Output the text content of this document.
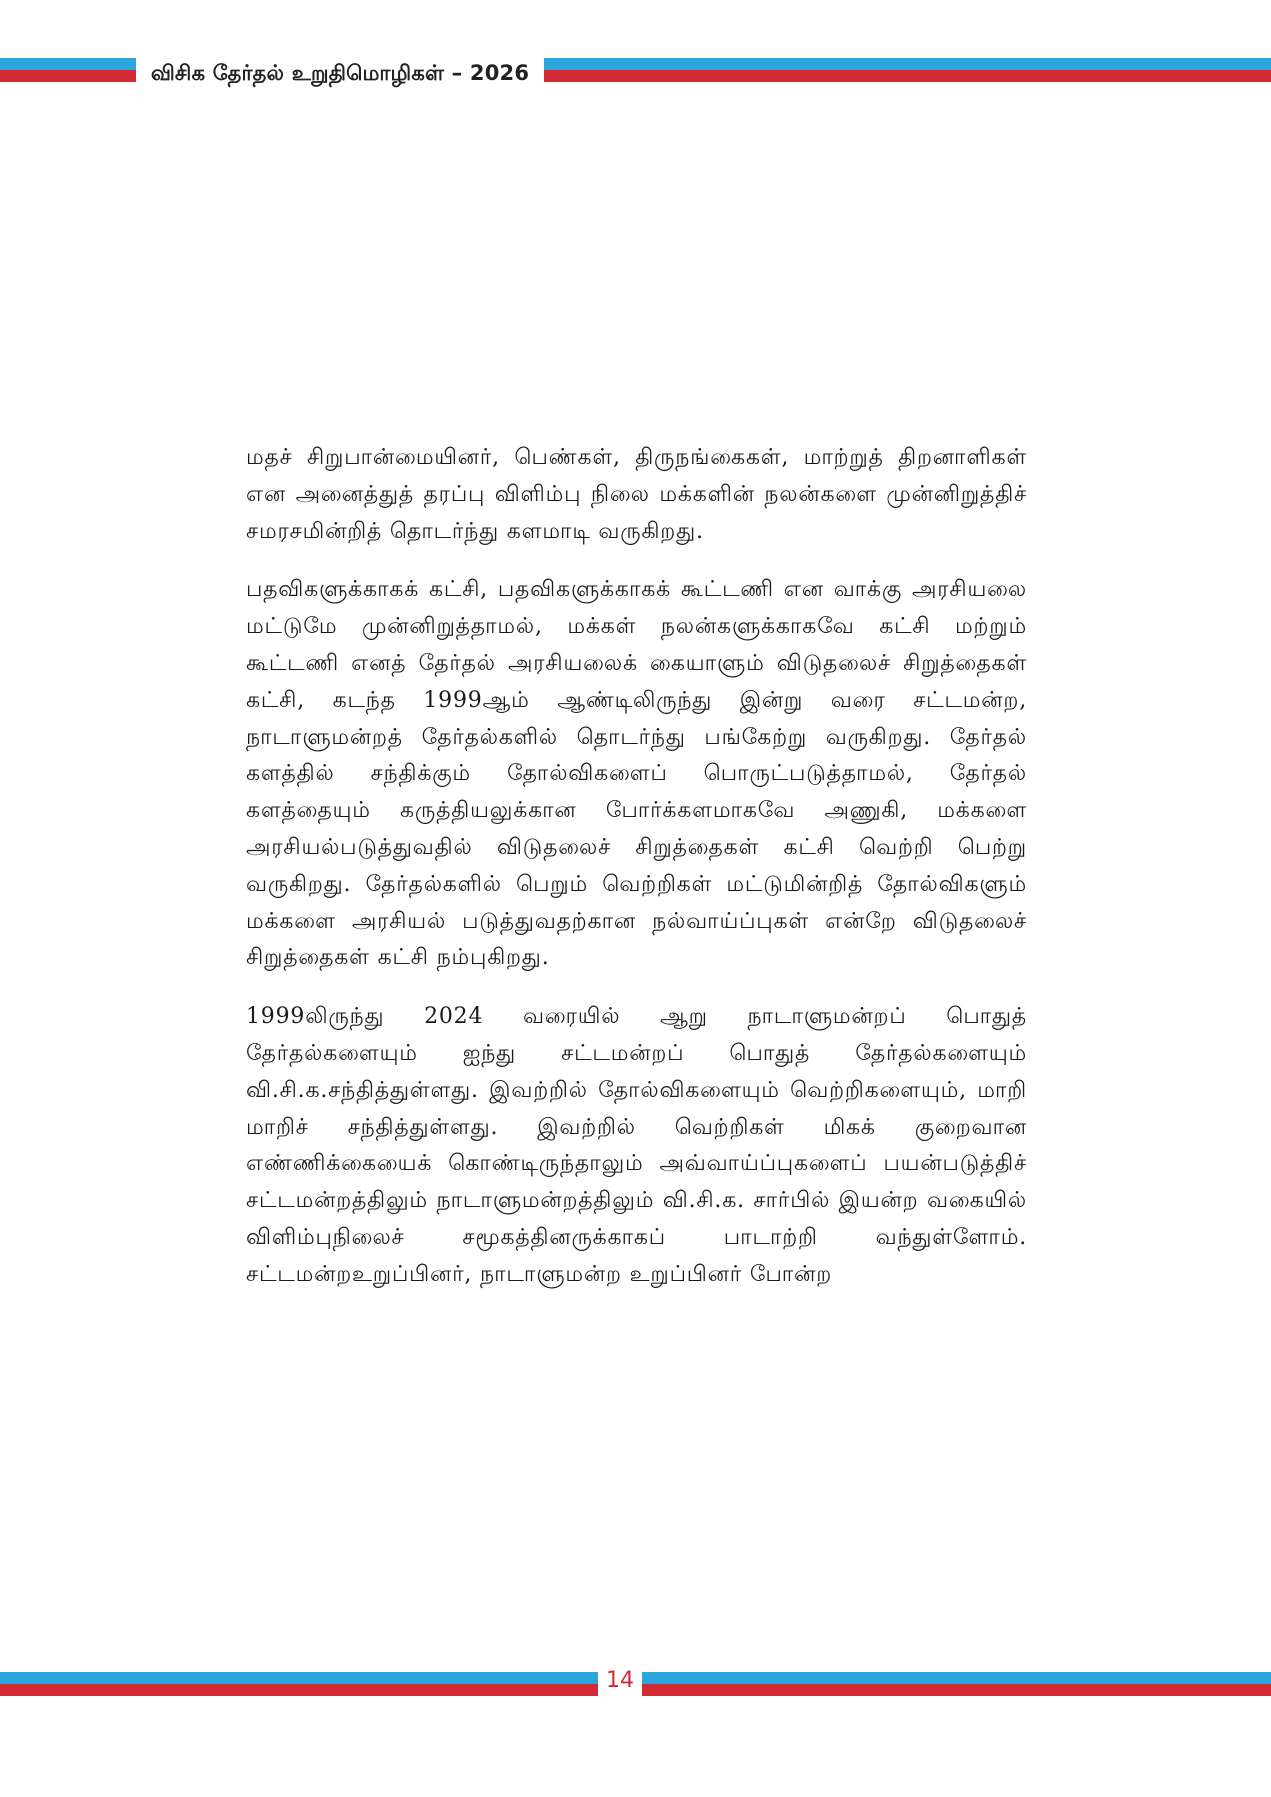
விசிக தேர்தல் உறுதிமொழிகள் – 2026

மதச் சிறுபான்மையினர், பெண்கள், திருநங்கைகள், மாற்றுத் திறனாளிகள் என அனைத்துத் தரப்பு விளிம்பு நிலை மக்களின் நலன்களை முன்னிறுத்திச் சமரசமின்றித் தொடர்ந்து களமாடி வருகிறது.

பதவிகளுக்காகக் கட்சி, பதவிகளுக்காகக் கூட்டணி என வாக்கு அரசியலை மட்டுமே முன்னிறுத்தாமல், மக்கள் நலன்களுக்காகவே கட்சி மற்றும் கூட்டணி எனத் தேர்தல் அரசியலைக் கையாளும் விடுதலைச் சிறுத்தைகள் கட்சி, கடந்த 1999ஆம் ஆண்டிலிருந்து இன்று வரை சட்டமன்ற, நாடாளுமன்றத் தேர்தல்களில் தொடர்ந்து பங்கேற்று வருகிறது. தேர்தல் களத்தில் சந்திக்கும் தோல்விகளைப் பொருட்படுத்தாமல், தேர்தல் களத்தையும் கருத்தியலுக்கான போர்க்களமாகவே அணுகி, மக்களை அரசியல்படுத்துவதில் விடுதலைச் சிறுத்தைகள் கட்சி வெற்றி பெற்று வருகிறது. தேர்தல்களில் பெறும் வெற்றிகள் மட்டுமின்றித் தோல்விகளும் மக்களை அரசியல் படுத்துவதற்கான நல்வாய்ப்புகள் என்றே விடுதலைச் சிறுத்தைகள் கட்சி நம்புகிறது.

1999லிருந்து 2024 வரையில் ஆறு நாடாளுமன்றப் பொதுத் தேர்தல்களையும் ஐந்து சட்டமன்றப் பொதுத் தேர்தல்களையும் வி.சி.க.சந்தித்துள்ளது. இவற்றில் தோல்விகளையும் வெற்றிகளையும், மாறி மாறிச் சந்தித்துள்ளது. இவற்றில் வெற்றிகள் மிகக் குறைவான எண்ணிக்கையைக் கொண்டிருந்தாலும் அவ்வாய்ப்புகளைப் பயன்படுத்திச் சட்டமன்றத்திலும் நாடாளுமன்றத்திலும் வி.சி.க. சார்பில் இயன்ற வகையில் விளிம்புநிலைச் சமூகத்தினருக்காகப் பாடாற்றி வந்துள்ளோம். சட்டமன்றஉறுப்பினர், நாடாளுமன்ற உறுப்பினர் போன்ற

14
